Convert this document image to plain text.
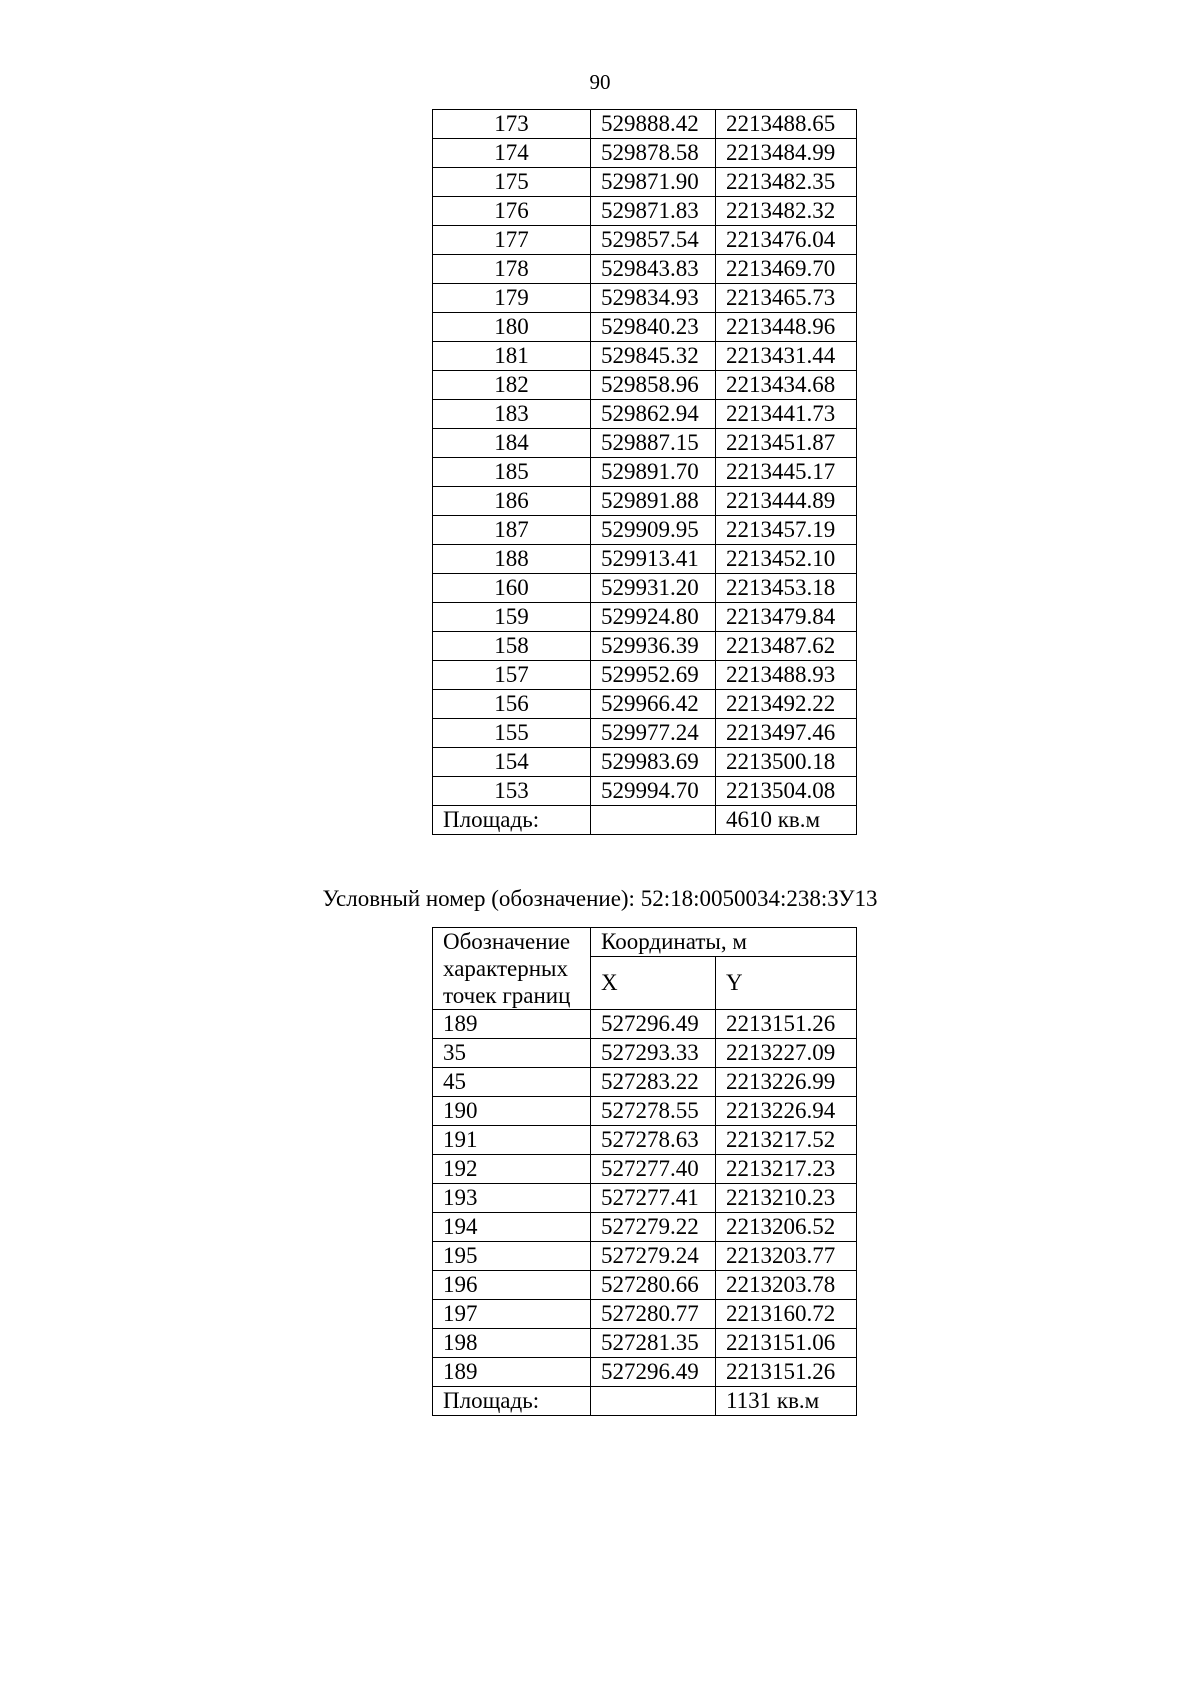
90
173	529888.42	2213488.65
174	529878.58	2213484.99
175	529871.90	2213482.35
176	529871.83	2213482.32
177	529857.54	2213476.04
178	529843.83	2213469.70
179	529834.93	2213465.73
180	529840.23	2213448.96
181	529845.32	2213431.44
182	529858.96	2213434.68
183	529862.94	2213441.73
184	529887.15	2213451.87
185	529891.70	2213445.17
186	529891.88	2213444.89
187	529909.95	2213457.19
188	529913.41	2213452.10
160	529931.20	2213453.18
159	529924.80	2213479.84
158	529936.39	2213487.62
157	529952.69	2213488.93
156	529966.42	2213492.22
155	529977.24	2213497.46
154	529983.69	2213500.18
153	529994.70	2213504.08
Площадь:		4610 кв.м
Условный номер (обозначение): 52:18:0050034:238:ЗУ13
Обозначение характерных точек границ	Координаты, м	
	X	Y
189	527296.49	2213151.26
35	527293.33	2213227.09
45	527283.22	2213226.99
190	527278.55	2213226.94
191	527278.63	2213217.52
192	527277.40	2213217.23
193	527277.41	2213210.23
194	527279.22	2213206.52
195	527279.24	2213203.77
196	527280.66	2213203.78
197	527280.77	2213160.72
198	527281.35	2213151.06
189	527296.49	2213151.26
Площадь:		1131 кв.м
